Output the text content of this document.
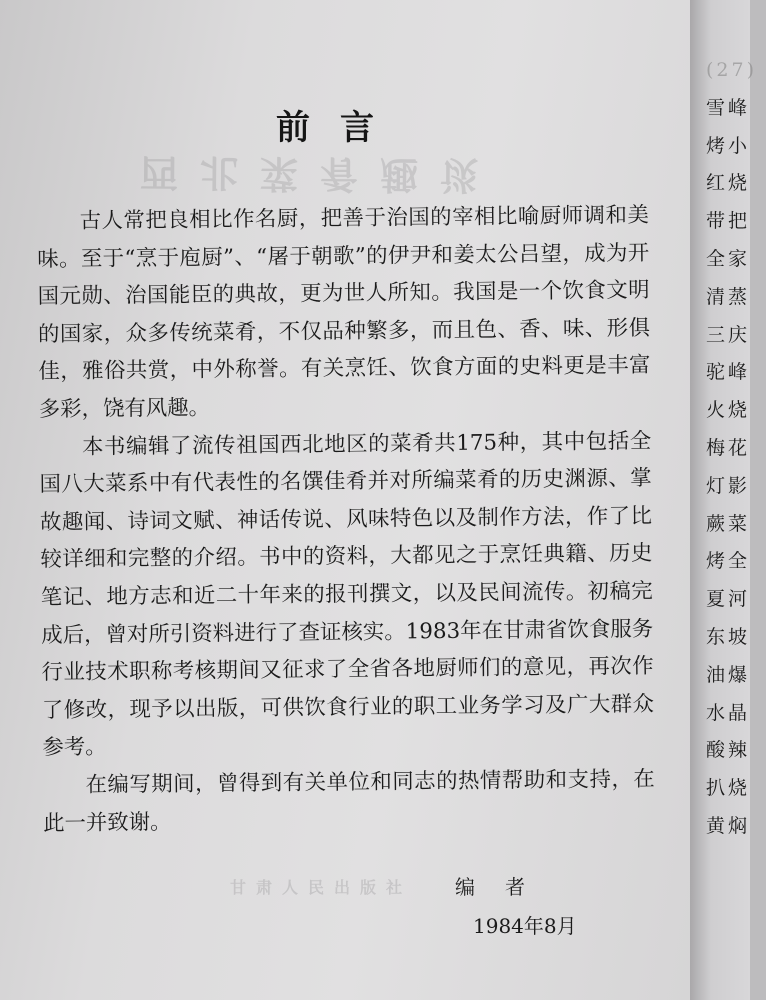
西北菜肴趣谈
甘肃人民出版社
前言

古人常把良相比作名厨，把善于治国的宰相比喻厨师调和美味。至于“烹于庖厨”、“屠于朝歌”的伊尹和姜太公吕望，成为开国元勋、治国能臣的典故，更为世人所知。我国是一个饮食文明的国家，众多传统菜肴，不仅品种繁多，而且色、香、味、形俱佳，雅俗共赏，中外称誉。有关烹饪、饮食方面的史料更是丰富多彩，饶有风趣。

本书编辑了流传祖国西北地区的菜肴共175种，其中包括全国八大菜系中有代表性的名馔佳肴并对所编菜肴的历史渊源、掌故趣闻、诗词文赋、神话传说、风味特色以及制作方法，作了比较详细和完整的介绍。书中的资料，大都见之于烹饪典籍、历史笔记、地方志和近二十年来的报刊撰文，以及民间流传。初稿完成后，曾对所引资料进行了查证核实。1983年在甘肃省饮食服务行业技术职称考核期间又征求了全省各地厨师们的意见，再次作了修改，现予以出版，可供饮食行业的职工业务学习及广大群众参考。

在编写期间，曾得到有关单位和同志的热情帮助和支持，在此一并致谢。

编者
1984年8月
(27)
雪峰
烤小
红烧
带把
全家
清蒸
三庆
驼峰
火烧
梅花
灯影
蕨菜
烤全
夏河
东坡
油爆
水晶
酸辣
扒烧
黄焖
